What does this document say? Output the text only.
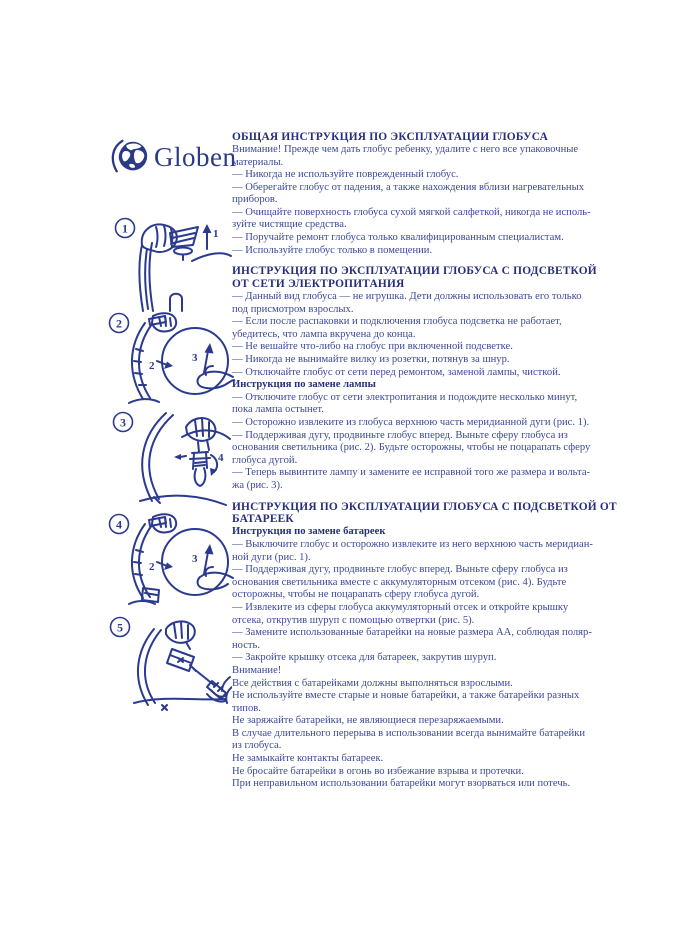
Globen
1	1
2
2
3
3
4
4
2
3
5
ОБЩАЯ ИНСТРУКЦИЯ ПО ЭКСПЛУАТАЦИИ ГЛОБУСА
Внимание! Прежде чем дать глобус ребенку, удалите с него все упаковочные
материалы.
— Никогда не используйте поврежденный глобус.
— Оберегайте глобус от падения, а также нахождения вблизи нагревательных
приборов.
— Очищайте поверхность глобуса сухой мягкой салфеткой, никогда не исполь-
зуйте чистящие средства.
— Поручайте ремонт глобуса только квалифицированным специалистам.
— Используйте глобус только в помещении.
ИНСТРУКЦИЯ ПО ЭКСПЛУАТАЦИИ ГЛОБУСА С ПОДСВЕТКОЙ
ОТ СЕТИ ЭЛЕКТРОПИТАНИЯ
— Данный вид глобуса — не игрушка. Дети должны использовать его только
под присмотром взрослых.
— Если после распаковки и подключения глобуса подсветка не работает,
убедитесь, что лампа вкручена до конца.
— Не вешайте что-либо на глобус при включенной подсветке.
— Никогда не вынимайте вилку из розетки, потянув за шнур.
— Отключайте глобус от сети перед ремонтом, заменой лампы, чисткой.
Инструкция по замене лампы
— Отключите глобус от сети электропитания и подождите несколько минут,
пока лампа остынет.
— Осторожно извлеките из глобуса верхнюю часть меридианной дуги (рис. 1).
— Поддерживая дугу, продвиньте глобус вперед. Выньте сферу глобуса из
основания светильника (рис. 2). Будьте осторожны, чтобы не поцарапать сферу
глобуса дугой.
— Теперь вывинтите лампу и замените ее исправной того же размера и вольта-
жа (рис. 3).
ИНСТРУКЦИЯ ПО ЭКСПЛУАТАЦИИ ГЛОБУСА С ПОДСВЕТКОЙ ОТ
БАТАРЕЕК
Инструкция по замене батареек
— Выключите глобус и осторожно извлеките из него верхнюю часть меридиан-
ной дуги (рис. 1).
— Поддерживая дугу, продвиньте глобус вперед. Выньте сферу глобуса из
основания светильника вместе с аккумуляторным отсеком (рис. 4). Будьте
осторожны, чтобы не поцарапать сферу глобуса дугой.
— Извлеките из сферы глобуса аккумуляторный отсек и откройте крышку
отсека, открутив шуруп с помощью отвертки (рис. 5).
— Замените использованные батарейки на новые размера АА, соблюдая поляр-
ность.
— Закройте крышку отсека для батареек, закрутив шуруп.
Внимание!
Все действия с батарейками должны выполняться взрослыми.
Не используйте вместе старые и новые батарейки, а также батарейки разных
типов.
Не заряжайте батарейки, не являющиеся перезаряжаемыми.
В случае длительного перерыва в использовании всегда вынимайте батарейки
из глобуса.
Не замыкайте контакты батареек.
Не бросайте батарейки в огонь во избежание взрыва и протечки.
При неправильном использовании батарейки могут взорваться или потечь.
